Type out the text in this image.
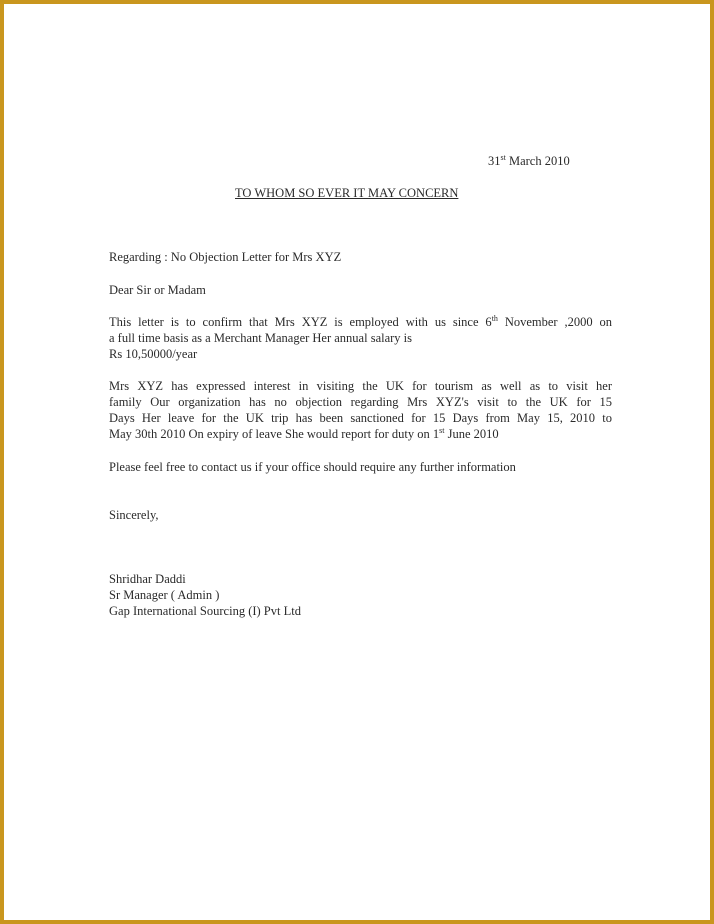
31st March 2010
TO WHOM SO EVER IT MAY CONCERN
Regarding : No Objection Letter for Mrs XYZ
Dear Sir or Madam
This letter is to confirm that Mrs XYZ is employed with us since 6th November ,2000 on
a full time basis as a Merchant Manager Her annual salary is
Rs 10,50000/year
Mrs XYZ has expressed interest in visiting the UK for tourism as well as to visit her
family Our organization has no objection regarding Mrs XYZ's visit to the UK for 15
Days Her leave for the UK trip has been sanctioned for 15 Days from May 15, 2010 to
May 30th 2010 On expiry of leave She would report for duty on 1st June 2010
Please feel free to contact us if your office should require any further information
Sincerely,
Shridhar Daddi
Sr Manager ( Admin )
Gap International Sourcing (I) Pvt Ltd
